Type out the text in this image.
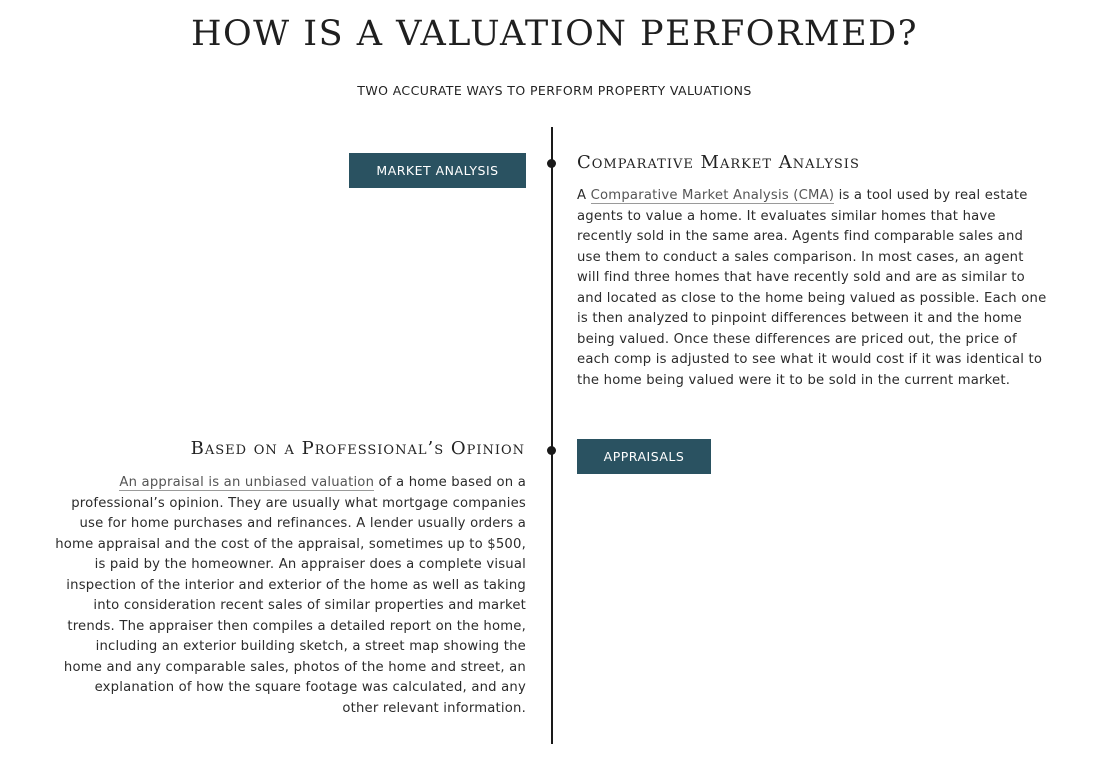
HOW IS A VALUATION PERFORMED?

TWO ACCURATE WAYS TO PERFORM PROPERTY VALUATIONS

MARKET ANALYSIS	Comparative Market Analysis

A Comparative Market Analysis (CMA) is a tool used by real estate agents to value a home. It evaluates similar homes that have recently sold in the same area. Agents find comparable sales and use them to conduct a sales comparison. In most cases, an agent will find three homes that have recently sold and are as similar to and located as close to the home being valued as possible. Each one is then analyzed to pinpoint differences between it and the home being valued. Once these differences are priced out, the price of each comp is adjusted to see what it would cost if it was identical to the home being valued were it to be sold in the current market.

Based on a Professional’s Opinion

An appraisal is an unbiased valuation of a home based on a professional’s opinion. They are usually what mortgage companies use for home purchases and refinances. A lender usually orders a home appraisal and the cost of the appraisal, sometimes up to $500, is paid by the homeowner. An appraiser does a complete visual inspection of the interior and exterior of the home as well as taking into consideration recent sales of similar properties and market trends. The appraiser then compiles a detailed report on the home, including an exterior building sketch, a street map showing the home and any comparable sales, photos of the home and street, an explanation of how the square footage was calculated, and any other relevant information.

APPRAISALS
